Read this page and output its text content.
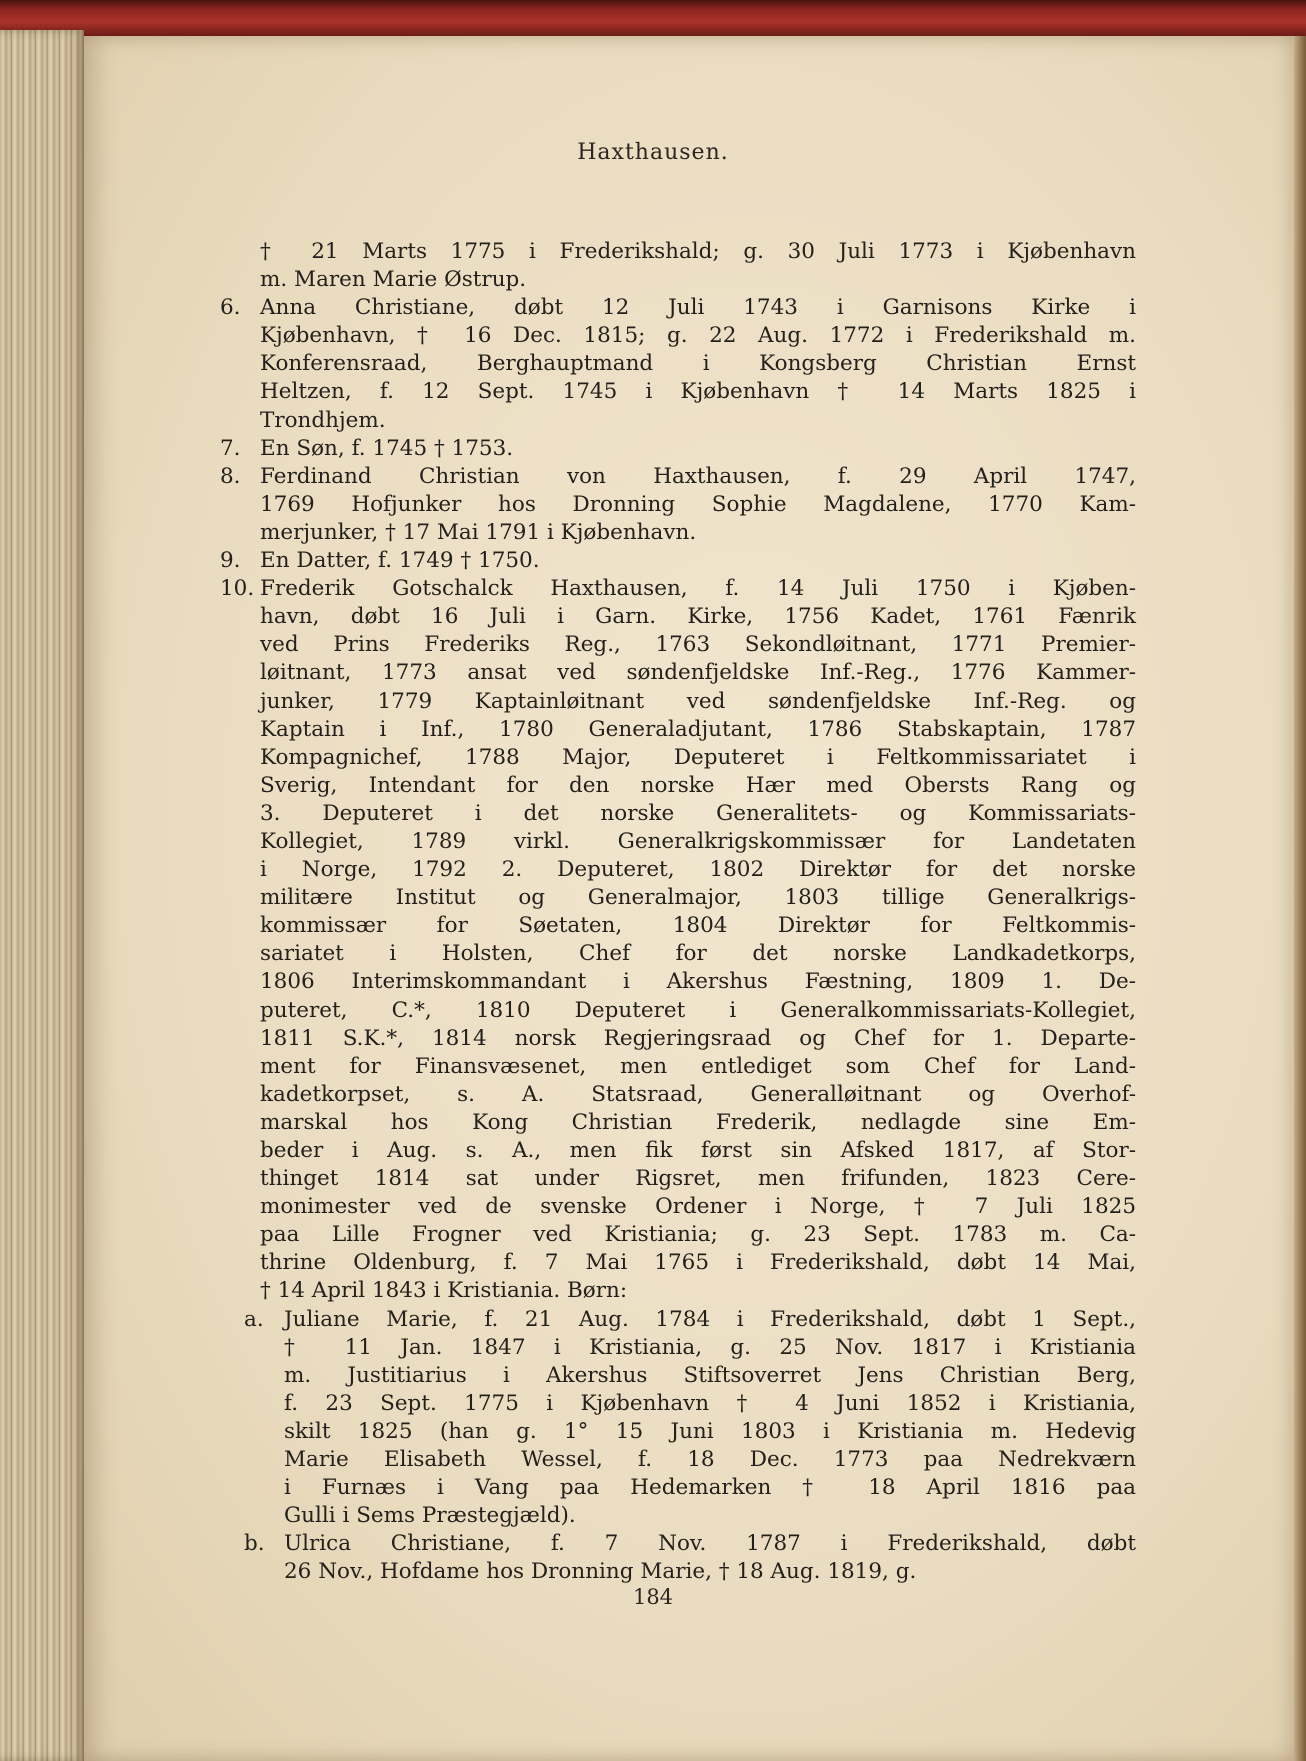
Haxthausen.
† 21 Marts 1775 i Frederikshald; g. 30 Juli 1773 i Kjøbenhavn
m. Maren Marie Østrup.
6. Anna Christiane, døbt 12 Juli 1743 i Garnisons Kirke i
Kjøbenhavn, † 16 Dec. 1815; g. 22 Aug. 1772 i Frederikshald m.
Konferensraad, Berghauptmand i Kongsberg Christian Ernst
Heltzen, f. 12 Sept. 1745 i Kjøbenhavn † 14 Marts 1825 i
Trondhjem.
7. En Søn, f. 1745 † 1753.
8. Ferdinand Christian von Haxthausen, f. 29 April 1747,
1769 Hofjunker hos Dronning Sophie Magdalene, 1770 Kam-
merjunker, † 17 Mai 1791 i Kjøbenhavn.
9. En Datter, f. 1749 † 1750.
10. Frederik Gotschalck Haxthausen, f. 14 Juli 1750 i Kjøben-
havn, døbt 16 Juli i Garn. Kirke, 1756 Kadet, 1761 Fænrik
ved Prins Frederiks Reg., 1763 Sekondløitnant, 1771 Premier-
løitnant, 1773 ansat ved søndenfjeldske Inf.-Reg., 1776 Kammer-
junker, 1779 Kaptainløitnant ved søndenfjeldske Inf.-Reg. og
Kaptain i Inf., 1780 Generaladjutant, 1786 Stabskaptain, 1787
Kompagnichef, 1788 Major, Deputeret i Feltkommissariatet i
Sverig, Intendant for den norske Hær med Obersts Rang og
3. Deputeret i det norske Generalitets- og Kommissariats-
Kollegiet, 1789 virkl. Generalkrigskommissær for Landetaten
i Norge, 1792 2. Deputeret, 1802 Direktør for det norske
militære Institut og Generalmajor, 1803 tillige Generalkrigs-
kommissær for Søetaten, 1804 Direktør for Feltkommis-
sariatet i Holsten, Chef for det norske Landkadetkorps,
1806 Interimskommandant i Akershus Fæstning, 1809 1. De-
puteret, C.*, 1810 Deputeret i Generalkommissariats-Kollegiet,
1811 S.K.*, 1814 norsk Regjeringsraad og Chef for 1. Departe-
ment for Finansvæsenet, men entlediget som Chef for Land-
kadetkorpset, s. A. Statsraad, Generalløitnant og Overhof-
marskal hos Kong Christian Frederik, nedlagde sine Em-
beder i Aug. s. A., men fik først sin Afsked 1817, af Stor-
thinget 1814 sat under Rigsret, men frifunden, 1823 Cere-
monimester ved de svenske Ordener i Norge, † 7 Juli 1825
paa Lille Frogner ved Kristiania; g. 23 Sept. 1783 m. Ca-
thrine Oldenburg, f. 7 Mai 1765 i Frederikshald, døbt 14 Mai,
† 14 April 1843 i Kristiania. Børn:
a. Juliane Marie, f. 21 Aug. 1784 i Frederikshald, døbt 1 Sept.,
† 11 Jan. 1847 i Kristiania, g. 25 Nov. 1817 i Kristiania
m. Justitiarius i Akershus Stiftsoverret Jens Christian Berg,
f. 23 Sept. 1775 i Kjøbenhavn † 4 Juni 1852 i Kristiania,
skilt 1825 (han g. 1° 15 Juni 1803 i Kristiania m. Hedevig
Marie Elisabeth Wessel, f. 18 Dec. 1773 paa Nedrekværn
i Furnæs i Vang paa Hedemarken † 18 April 1816 paa
Gulli i Sems Præstegjæld).
b. Ulrica Christiane, f. 7 Nov. 1787 i Frederikshald, døbt
26 Nov., Hofdame hos Dronning Marie, † 18 Aug. 1819, g.
184
